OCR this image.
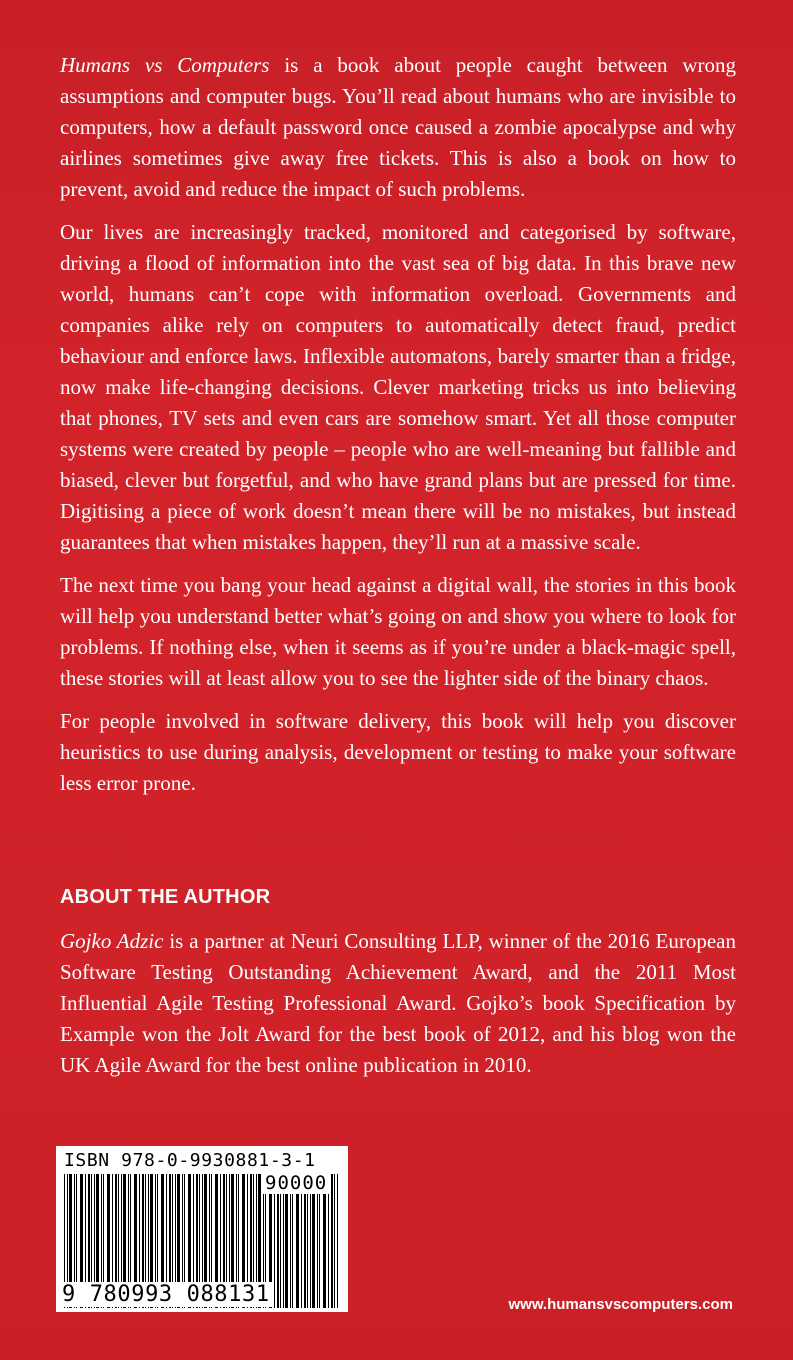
Humans vs Computers is a book about people caught between wrong assumptions and computer bugs. You’ll read about humans who are invisible to computers, how a default password once caused a zombie apocalypse and why airlines sometimes give away free tickets. This is also a book on how to prevent, avoid and reduce the impact of such problems.

Our lives are increasingly tracked, monitored and categorised by software, driving a flood of information into the vast sea of big data. In this brave new world, humans can’t cope with information overload. Governments and companies alike rely on computers to automatically detect fraud, predict behaviour and enforce laws. Inflexible automatons, barely smarter than a fridge, now make life-changing decisions. Clever marketing tricks us into believing that phones, TV sets and even cars are somehow smart. Yet all those computer systems were created by people – people who are well-meaning but fallible and biased, clever but forgetful, and who have grand plans but are pressed for time. Digitising a piece of work doesn’t mean there will be no mistakes, but instead guarantees that when mistakes happen, they’ll run at a massive scale.

The next time you bang your head against a digital wall, the stories in this book will help you understand better what’s going on and show you where to look for problems. If nothing else, when it seems as if you’re under a black-magic spell, these stories will at least allow you to see the lighter side of the binary chaos.

For people involved in software delivery, this book will help you discover heuristics to use during analysis, development or testing to make your software less error prone.

ABOUT THE AUTHOR

Gojko Adzic is a partner at Neuri Consulting LLP, winner of the 2016 European Software Testing Outstanding Achievement Award, and the 2011 Most Influential Agile Testing Professional Award. Gojko’s book Specification by Example won the Jolt Award for the best book of 2012, and his blog won the UK Agile Award for the best online publication in 2010.

ISBN 978-0-9930881-3-1
90000
9 780993 088131	www.humansvscomputers.com
